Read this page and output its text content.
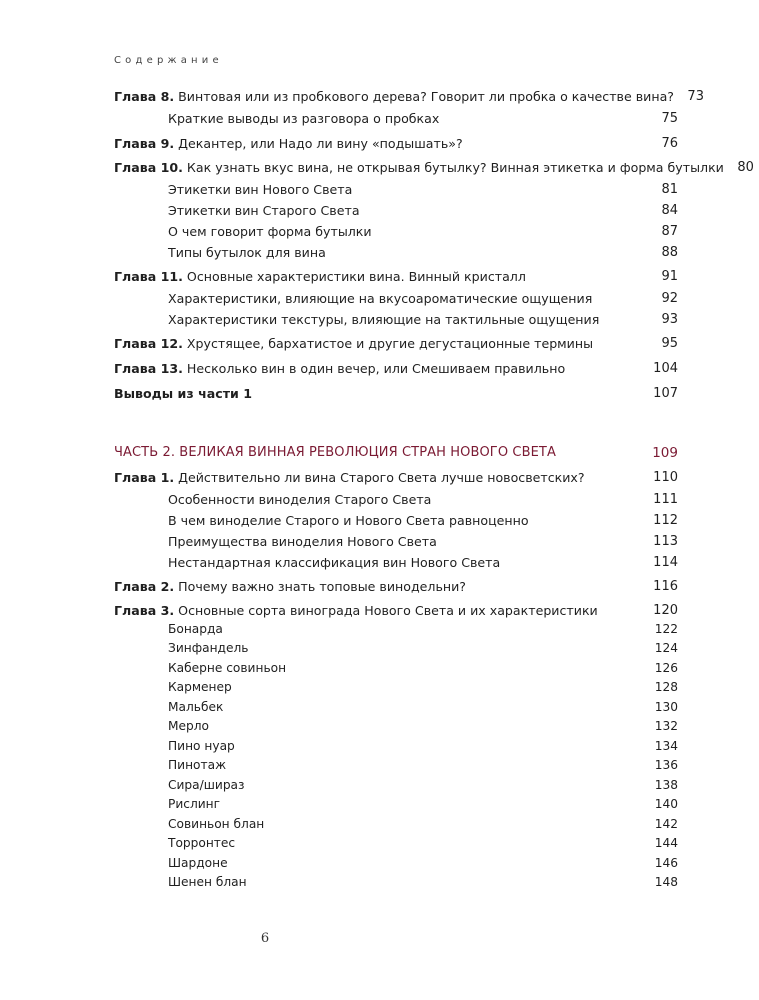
Содержание
Глава 8. Винтовая или из пробкового дерева? Говорит ли пробка о качестве вина?	73
Краткие выводы из разговора о пробках	75
Глава 9. Декантер, или Надо ли вину «подышать»?	76
Глава 10. Как узнать вкус вина, не открывая бутылку? Винная этикетка и форма бутылки	80
Этикетки вин Нового Света	81
Этикетки вин Старого Света	84
О чем говорит форма бутылки	87
Типы бутылок для вина	88
Глава 11. Основные характеристики вина. Винный кристалл	91
Характеристики, влияющие на вкусоароматические ощущения	92
Характеристики текстуры, влияющие на тактильные ощущения	93
Глава 12. Хрустящее, бархатистое и другие дегустационные термины	95
Глава 13. Несколько вин в один вечер, или Смешиваем правильно	104
Выводы из части 1	107
ЧАСТЬ 2. ВЕЛИКАЯ ВИННАЯ РЕВОЛЮЦИЯ СТРАН НОВОГО СВЕТА	109
Глава 1. Действительно ли вина Старого Света лучше новосветских?	110
Особенности виноделия Старого Света	111
В чем виноделие Старого и Нового Света равноценно	112
Преимущества виноделия Нового Света	113
Нестандартная классификация вин Нового Света	114
Глава 2. Почему важно знать топовые винодельни?	116
Глава 3. Основные сорта винограда Нового Света и их характеристики	120
Бонарда	122
Зинфандель	124
Каберне совиньон	126
Карменер	128
Мальбек	130
Мерло	132
Пино нуар	134
Пинотаж	136
Сира/шираз	138
Рислинг	140
Совиньон блан	142
Торронтес	144
Шардоне	146
Шенен блан	148
6
